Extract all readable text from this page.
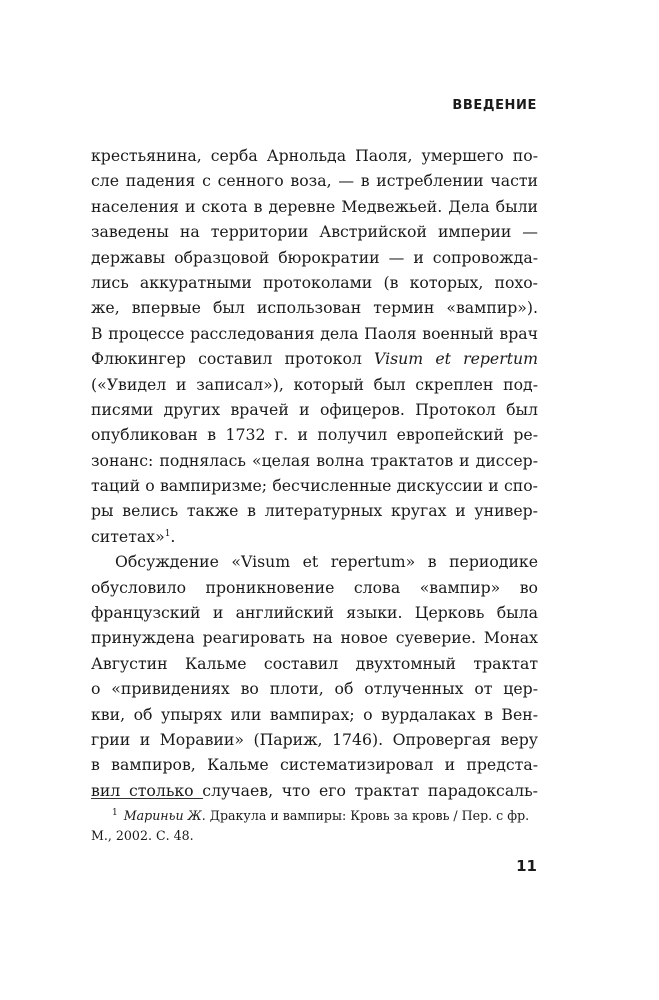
ВВЕДЕНИЕ
крестьянина, серба Арнольда Паоля, умершего по-
сле падения с сенного воза, — в истреблении части
населения и скота в деревне Медвежьей. Дела были
заведены на территории Австрийской империи —
державы образцовой бюрократии — и сопровожда-
лись аккуратными протоколами (в которых, похо-
же, впервые был использован термин «вампир»).
В процессе расследования дела Паоля военный врач
Флюкингер составил протокол Visum et repertum
(«Увидел и записал»), который был скреплен под-
писями других врачей и офицеров. Протокол был
опубликован в 1732 г. и получил европейский ре-
зонанс: поднялась «целая волна трактатов и диссер-
таций о вампиризме; бесчисленные дискуссии и спо-
ры велись также в литературных кругах и универ-
ситетах»$^1$.
Обсуждение «Visum et repertum» в периодике
обусловило проникновение слова «вампир» во
французский и английский языки. Церковь была
принуждена реагировать на новое суеверие. Монах
Августин Кальме составил двухтомный трактат
о «привидениях во плоти, об отлученных от цер-
кви, об упырях или вампирах; о вурдалаках в Вен-
грии и Моравии» (Париж, 1746). Опровергая веру
в вампиров, Кальме систематизировал и предста-
вил столько случаев, что его трактат парадоксаль-
$^1$ Мариньи Ж. Дракула и вампиры: Кровь за кровь / Пер. с фр.
М., 2002. С. 48.
11
